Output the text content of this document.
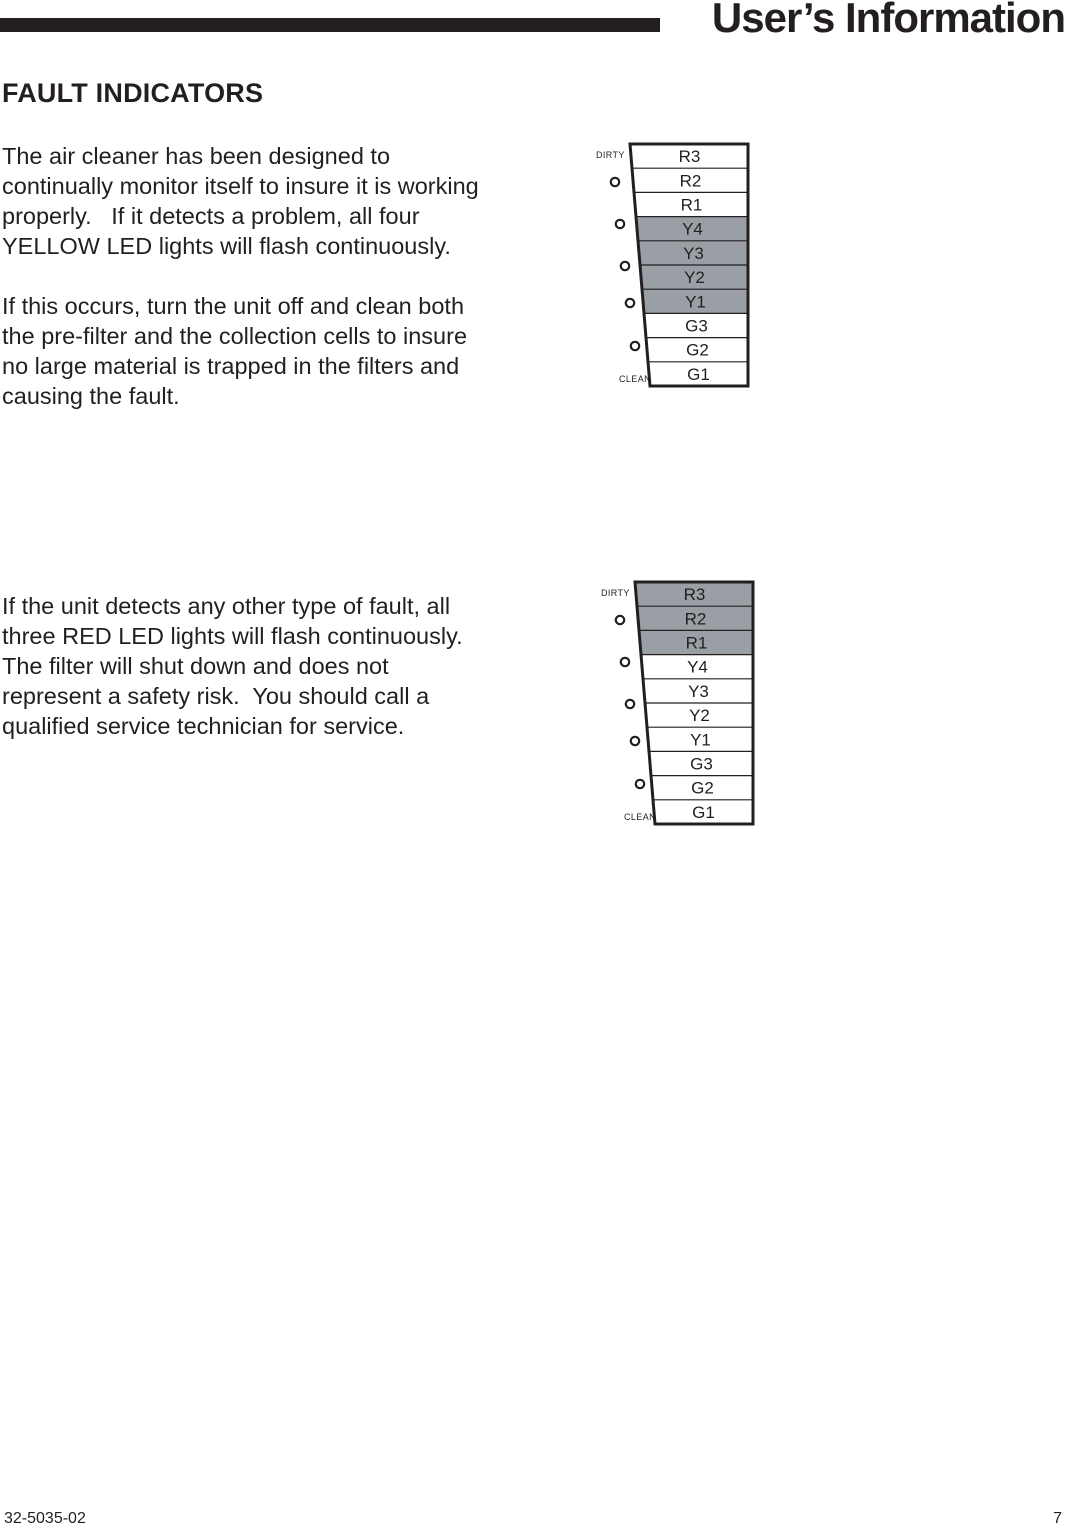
User’s Information
FAULT INDICATORS

The air cleaner has been designed to
continually monitor itself to insure it is working
properly.   If it detects a problem, all four
YELLOW LED lights will flash continuously.

If this occurs, turn the unit off and clean both
the pre-filter and the collection cells to insure
no large material is trapped in the filters and
causing the fault.

If the unit detects any other type of fault, all
three RED LED lights will flash continuously.
The filter will shut down and does not
represent a safety risk.  You should call a
qualified service technician for service.

R3
R2
R1
Y4
Y3
Y2
Y1
G3
G2
G1
DIRTY
CLEAN
R3
R2
R1
Y4
Y3
Y2
Y1
G3
G2
G1
DIRTY
CLEAN
32-5035-02	7
